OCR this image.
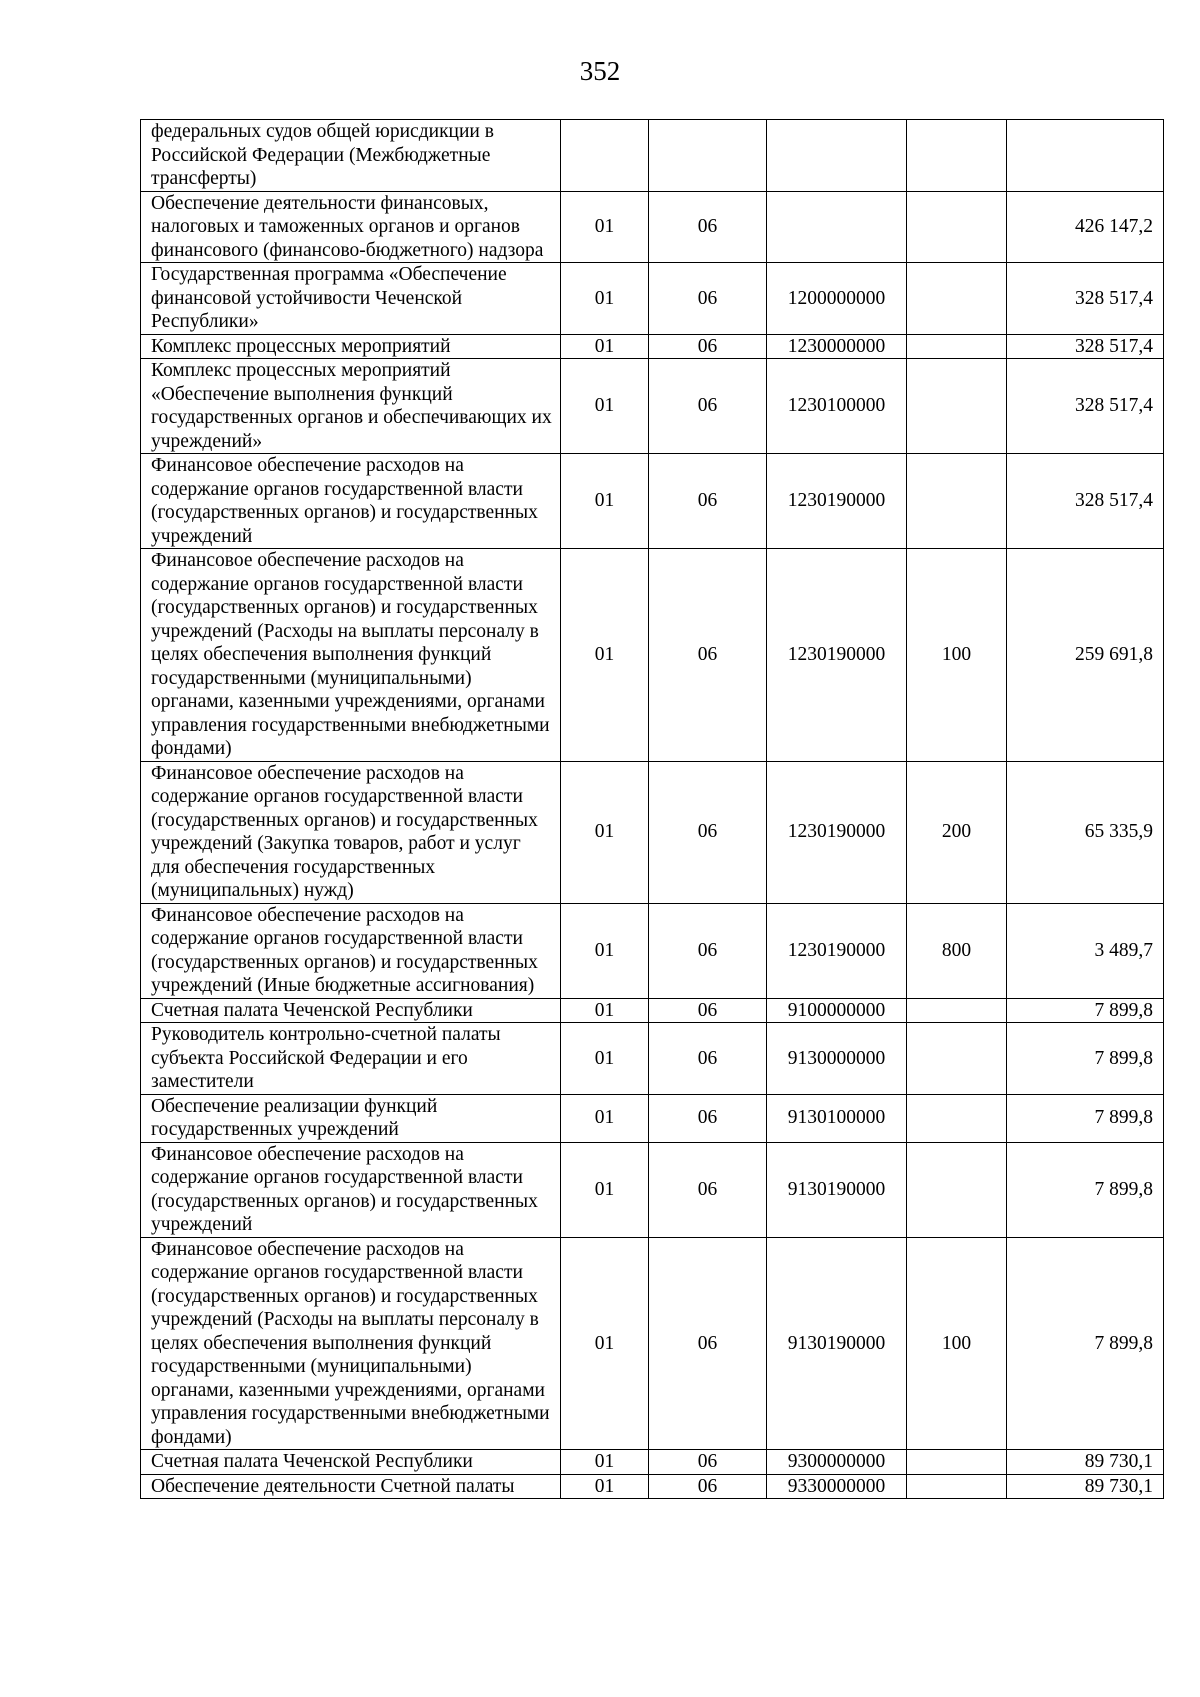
352
федеральных судов общей юрисдикции в Российской Федерации (Межбюджетные трансферты)					
Обеспечение деятельности финансовых, налоговых и таможенных органов и органов финансового (финансово-бюджетного) надзора	01	06			426 147,2
Государственная программа «Обеспечение финансовой устойчивости Чеченской Республики»	01	06	1200000000		328 517,4
Комплекс процессных мероприятий	01	06	1230000000		328 517,4
Комплекс процессных мероприятий «Обеспечение выполнения функций государственных органов и обеспечивающих их учреждений»	01	06	1230100000		328 517,4
Финансовое обеспечение расходов на содержание органов государственной власти (государственных органов) и государственных учреждений	01	06	1230190000		328 517,4
Финансовое обеспечение расходов на содержание органов государственной власти (государственных органов) и государственных учреждений (Расходы на выплаты персоналу в целях обеспечения выполнения функций государственными (муниципальными) органами, казенными учреждениями, органами управления государственными внебюджетными фондами)	01	06	1230190000	100	259 691,8
Финансовое обеспечение расходов на содержание органов государственной власти (государственных органов) и государственных учреждений (Закупка товаров, работ и услуг для обеспечения государственных (муниципальных) нужд)	01	06	1230190000	200	65 335,9
Финансовое обеспечение расходов на содержание органов государственной власти (государственных органов) и государственных учреждений (Иные бюджетные ассигнования)	01	06	1230190000	800	3 489,7
Счетная палата Чеченской Республики	01	06	9100000000		7 899,8
Руководитель контрольно-счетной палаты субъекта Российской Федерации и его заместители	01	06	9130000000		7 899,8
Обеспечение реализации функций государственных учреждений	01	06	9130100000		7 899,8
Финансовое обеспечение расходов на содержание органов государственной власти (государственных органов) и государственных учреждений	01	06	9130190000		7 899,8
Финансовое обеспечение расходов на содержание органов государственной власти (государственных органов) и государственных учреждений (Расходы на выплаты персоналу в целях обеспечения выполнения функций государственными (муниципальными) органами, казенными учреждениями, органами управления государственными внебюджетными фондами)	01	06	9130190000	100	7 899,8
Счетная палата Чеченской Республики	01	06	9300000000		89 730,1
Обеспечение деятельности Счетной палаты	01	06	9330000000		89 730,1
